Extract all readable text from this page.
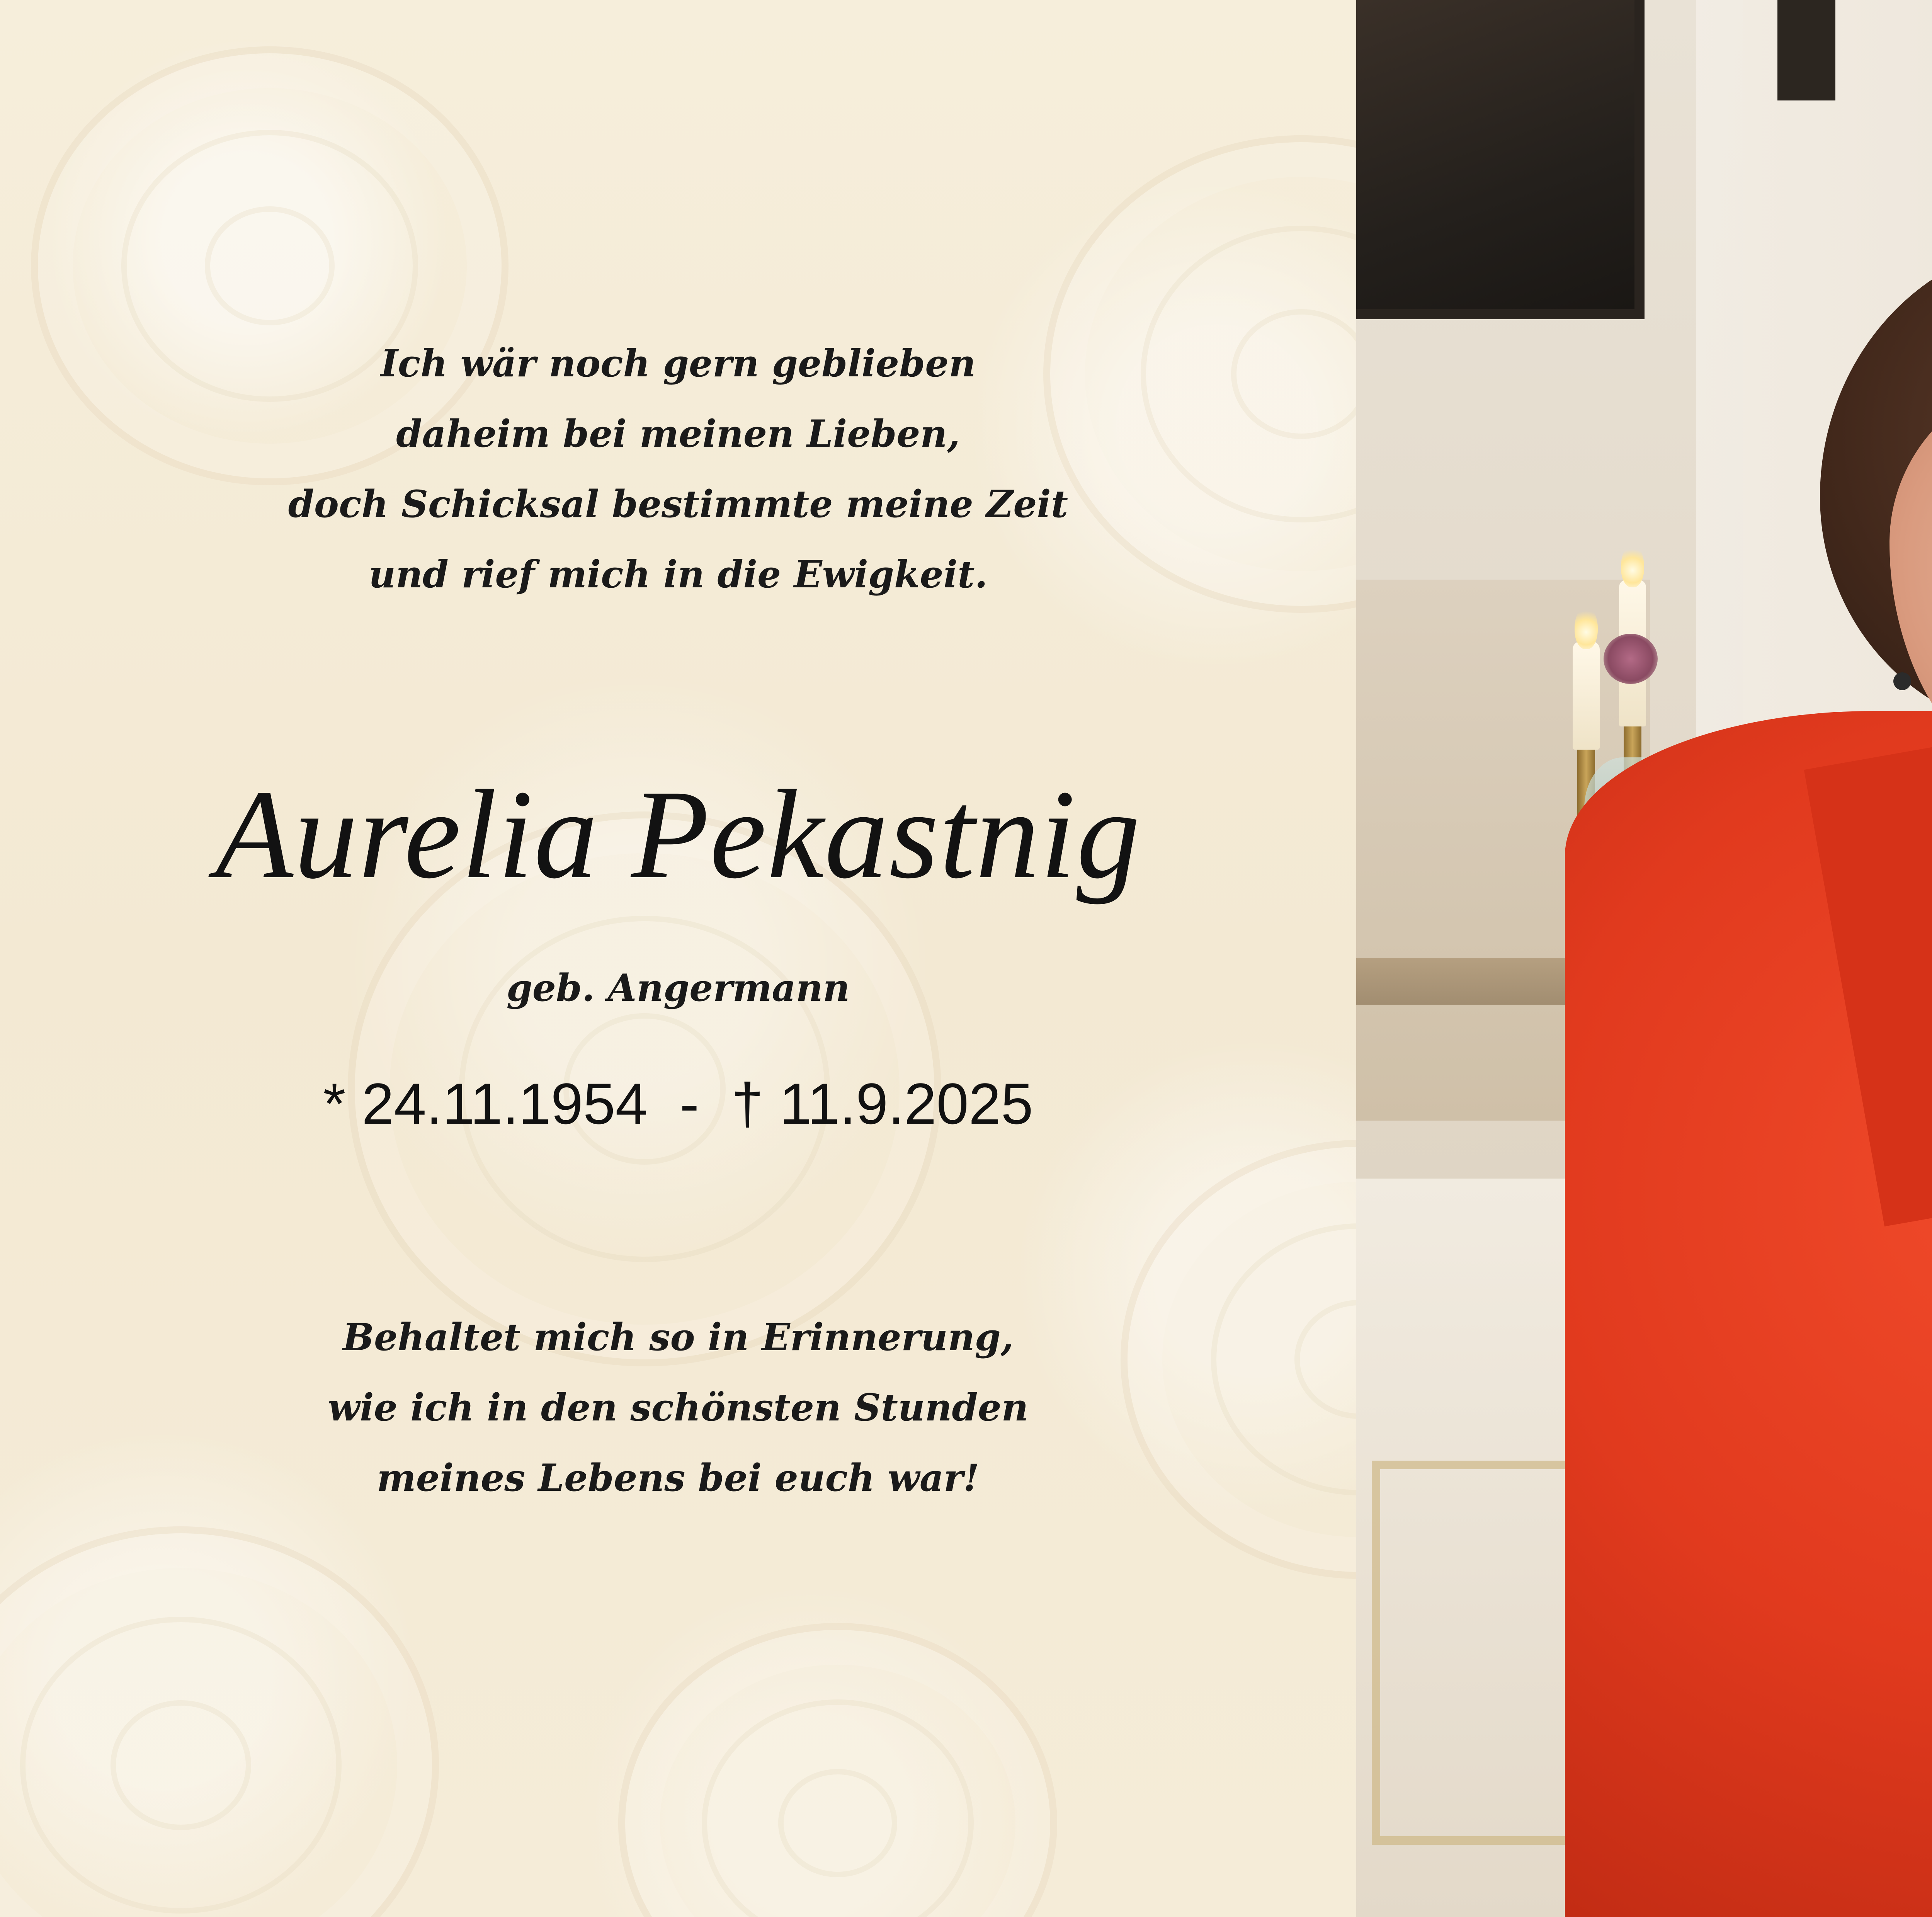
Ich wär noch gern geblieben
daheim bei meinen Lieben,
doch Schicksal bestimmte meine Zeit
und rief mich in die Ewigkeit.
Aurelia Pekastnig
geb. Angermann
* 24.11.1954  -  † 11.9.2025
Behaltet mich so in Erinnerung,
wie ich in den schönsten Stunden
meines Lebens bei euch war!
